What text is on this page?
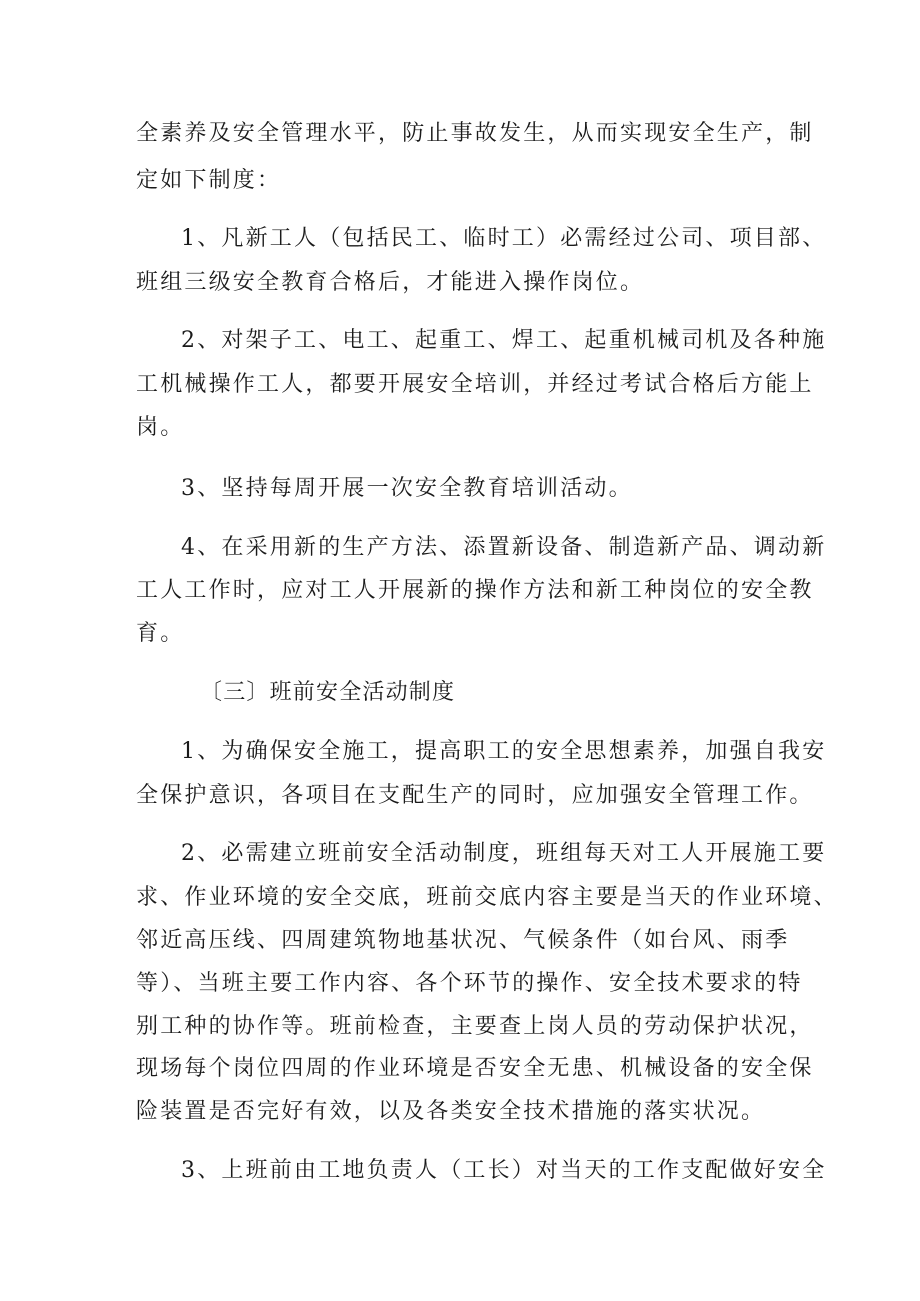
全素养及安全管理水平，防止事故发生，从而实现安全生产，制
定如下制度：
1、凡新工人（包括民工、临时工）必需经过公司、项目部、
班组三级安全教育合格后，才能进入操作岗位。
2、对架子工、电工、起重工、焊工、起重机械司机及各种施
工机械操作工人，都要开展安全培训，并经过考试合格后方能上
岗。
3、坚持每周开展一次安全教育培训活动。
4、在采用新的生产方法、添置新设备、制造新产品、调动新
工人工作时，应对工人开展新的操作方法和新工种岗位的安全教
育。
〔三〕班前安全活动制度
1、为确保安全施工，提高职工的安全思想素养，加强自我安
全保护意识，各项目在支配生产的同时，应加强安全管理工作。
2、必需建立班前安全活动制度，班组每天对工人开展施工要
求、作业环境的安全交底，班前交底内容主要是当天的作业环境、
邻近高压线、四周建筑物地基状况、气候条件（如台风、雨季
等）、当班主要工作内容、各个环节的操作、安全技术要求的特
别工种的协作等。班前检查，主要查上岗人员的劳动保护状况，
现场每个岗位四周的作业环境是否安全无患、机械设备的安全保
险装置是否完好有效，以及各类安全技术措施的落实状况。
3、上班前由工地负责人（工长）对当天的工作支配做好安全
